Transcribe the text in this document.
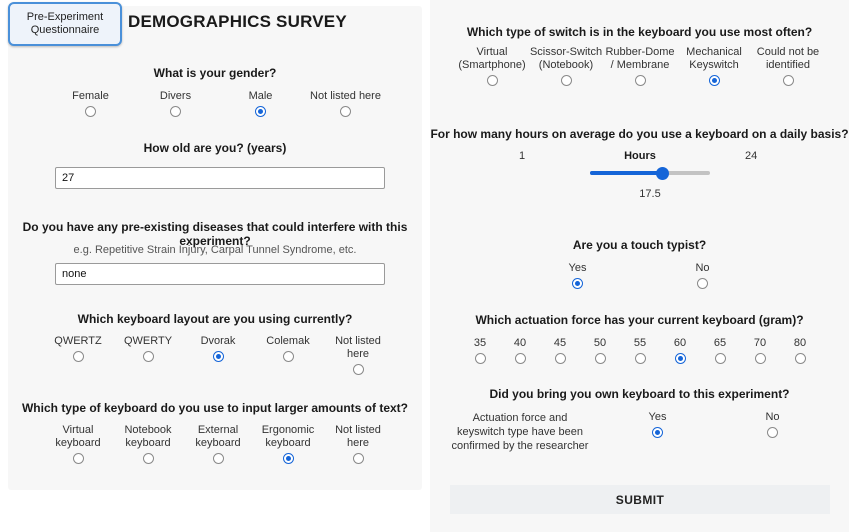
What is your gender?
Female	Divers	Male	Not listed here
How old are you? (years)
27
Do you have any pre-existing diseases that could interfere with this experiment?
e.g. Repetitive Strain Injury, Carpal Tunnel Syndrome, etc.
none
Which keyboard layout are you using currently?
QWERTZ QWERTY	Dvorak	Colemak	Not listed here
Which type of keyboard do you use to input larger amounts of text?
Virtual keyboard
Notebook keyboard
External keyboard
Ergonomic keyboard
Not listed here
Which type of switch is in the keyboard you use most often?
Virtual (Smartphone)
Scissor-Switch (Notebook)
Rubber-Dome / Membrane
Mechanical Keyswitch
Could not be identified
For how many hours on average do you use a keyboard on a daily basis?
1	24
Hours
17.5
Are you a touch typist?
Yes	No
Which actuation force has your current keyboard (gram)?
35	40	45	50	55	60	65	70	80
Did you bring you own keyboard to this experiment?
Actuation force and keyswitch type have been confirmed by the researcher
Yes	No
DEMOGRAPHICS SURVEY
Pre-Experiment Questionnaire
SUBMIT
